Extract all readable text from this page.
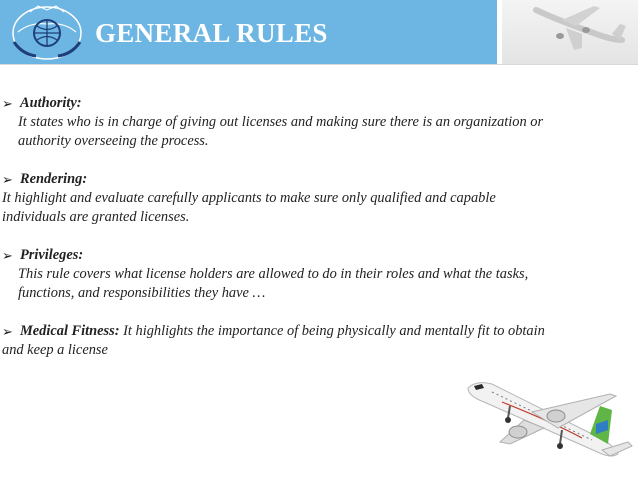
GENERAL RULES
➢ Authority:
It states who is in charge of giving out licenses and making sure there is an organization or
authority overseeing the process.
➢ Rendering:
It highlight and evaluate carefully applicants to make sure only qualified and capable
individuals are granted licenses.
➢ Privileges:
This rule covers what license holders are allowed to do in their roles and what the tasks,
functions, and responsibilities they have …
➢ Medical Fitness: It highlights the importance of being physically and mentally fit to obtain
and keep a license
